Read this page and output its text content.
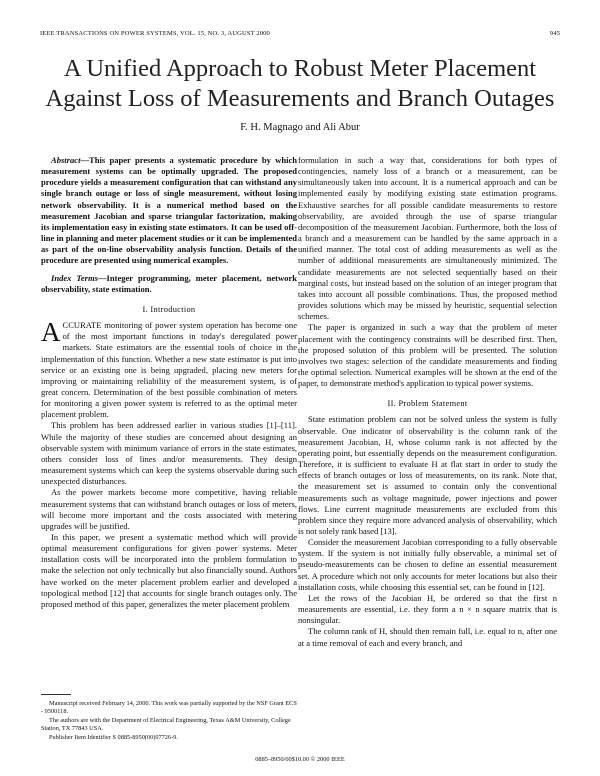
IEEE TRANSACTIONS ON POWER SYSTEMS, VOL. 15, NO. 3, AUGUST 2000	945
A Unified Approach to Robust Meter Placement
Against Loss of Measurements and Branch Outages
F. H. Magnago and Ali Abur

Abstract—This paper presents a systematic procedure by which measurement systems can be optimally upgraded. The proposed procedure yields a measurement configuration that can withstand any single branch outage or loss of single measurement, without losing network observability. It is a numerical method based on the measurement Jacobian and sparse triangular factorization, making its implementation easy in existing state estimators. It can be used off-line in planning and meter placement studies or it can be implemented as part of the on-line observability analysis function. Details of the procedure are presented using numerical examples.

Index Terms—Integer programming, meter placement, network observability, state estimation.

I. Introduction

ACCURATE monitoring of power system operation has become one of the most important functions in today's deregulated power markets. State estimators are the essential tools of choice in the implementation of this function. Whether a new state estimator is put into service or an existing one is being upgraded, placing new meters for improving or maintaining reliability of the measurement system, is of great concern. Determination of the best possible combination of meters for monitoring a given power system is referred to as the optimal meter placement problem.

This problem has been addressed earlier in various studies [1]–[11]. While the majority of these studies are concerned about designing an observable system with minimum variance of errors in the state estimates, others consider loss of lines and/or measurements. They design measurement systems which can keep the systems observable during such unexpected disturbances.

As the power markets become more competitive, having reliable measurement systems that can withstand branch outages or loss of meters, will become more important and the costs associated with metering upgrades will be justified.

In this paper, we present a systematic method which will provide optimal measurement configurations for given power systems. Meter installation costs will be incorporated into the problem formulation to make the selection not only technically but also financially sound. Authors have worked on the meter placement problem earlier and developed a topological method [12] that accounts for single branch outages only. The proposed method of this paper, generalizes the meter placement problem

formulation in such a way that, considerations for both types of contingencies, namely loss of a branch or a measurement, can be simultaneously taken into account. It is a numerical approach and can be implemented easily by modifying existing state estimation programs. Exhaustive searches for all possible candidate measurements to restore observability, are avoided through the use of sparse triangular decomposition of the measurement Jacobian. Furthermore, both the loss of a branch and a measurement can be handled by the same approach in a unified manner. The total cost of adding measurements as well as the number of additional measurements are simultaneously minimized. The candidate measurements are not selected sequentially based on their marginal costs, but instead based on the solution of an integer program that takes into account all possible combinations. Thus, the proposed method provides solutions which may be missed by heuristic, sequential selection schemes.

The paper is organized in such a way that the problem of meter placement with the contingency constraints will be described first. Then, the proposed solution of this problem will be presented. The solution involves two stages: selection of the candidate measurements and finding the optimal selection. Numerical examples will be shown at the end of the paper, to demonstrate method's application to typical power systems.

II. Problem Statement

State estimation problem can not be solved unless the system is fully observable. One indicator of observability is the column rank of the measurement Jacobian, H, whose column rank is not affected by the operating point, but essentially depends on the measurement configuration. Therefore, it is sufficient to evaluate H at flat start in order to study the effects of branch outages or loss of measurements, on its rank. Note that, the measurement set is assumed to contain only the conventional measurements such as voltage magnitude, power injections and power flows. Line current magnitude measurements are excluded from this problem since they require more advanced analysis of observability, which is not solely rank based [13].

Consider the measurement Jacobian corresponding to a fully observable system. If the system is not initially fully observable, a minimal set of pseudo-measurements can be chosen to define an essential measurement set. A procedure which not only accounts for meter locations but also their installation costs, while choosing this essential set, can be found in [12].

Let the rows of the Jacobian H, be ordered so that the first n measurements are essential, i.e. they form a n × n square matrix that is nonsingular.

The column rank of H, should then remain full, i.e. equal to n, after one at a time removal of each and every branch, and

Manuscript received February 14, 2000. This work was partially supported by the NSF Grant ECS - 9500118.

The authors are with the Department of Electrical Engineering, Texas A&M University, College Station, TX 77843 USA.

Publisher Item Identifier S 0885-8950(00)07726-9.

0885–8950/00$10.00 © 2000 IEEE
